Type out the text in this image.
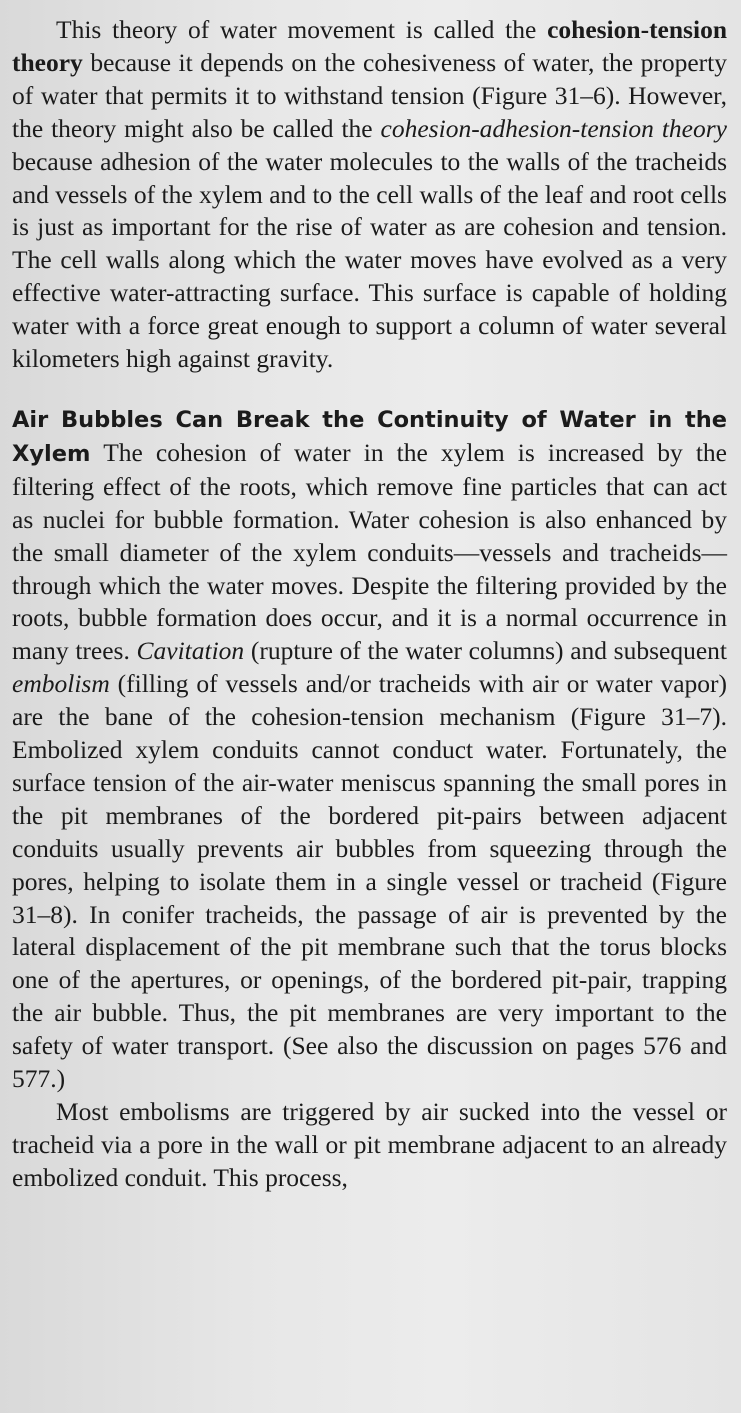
This theory of water movement is called the cohesion-tension theory because it depends on the cohesiveness of water, the property of water that permits it to withstand tension (Figure 31–6). However, the theory might also be called the cohesion-adhesion-tension theory because adhesion of the water molecules to the walls of the tracheids and vessels of the xylem and to the cell walls of the leaf and root cells is just as important for the rise of water as are cohesion and tension. The cell walls along which the water moves have evolved as a very effective water-attracting surface. This surface is capable of holding water with a force great enough to support a column of water several kilometers high against gravity.

Air Bubbles Can Break the Continuity of Water in the Xylem  The cohesion of water in the xylem is increased by the filtering effect of the roots, which remove fine particles that can act as nuclei for bubble formation. Water cohesion is also enhanced by the small diameter of the xylem conduits—vessels and tracheids—through which the water moves. Despite the filtering provided by the roots, bubble formation does occur, and it is a normal occurrence in many trees. Cavitation (rupture of the water columns) and subsequent embolism (filling of vessels and/or tracheids with air or water vapor) are the bane of the cohesion-tension mechanism (Figure 31–7). Embolized xylem conduits cannot conduct water. Fortunately, the surface tension of the air-water meniscus spanning the small pores in the pit membranes of the bordered pit-pairs between adjacent conduits usually prevents air bubbles from squeezing through the pores, helping to isolate them in a single vessel or tracheid (Figure 31–8). In conifer tracheids, the passage of air is prevented by the lateral displacement of the pit membrane such that the torus blocks one of the apertures, or openings, of the bordered pit-pair, trapping the air bubble. Thus, the pit membranes are very important to the safety of water transport. (See also the discussion on pages 576 and 577.)

Most embolisms are triggered by air sucked into the vessel or tracheid via a pore in the wall or pit membrane adjacent to an already embolized conduit. This process,
